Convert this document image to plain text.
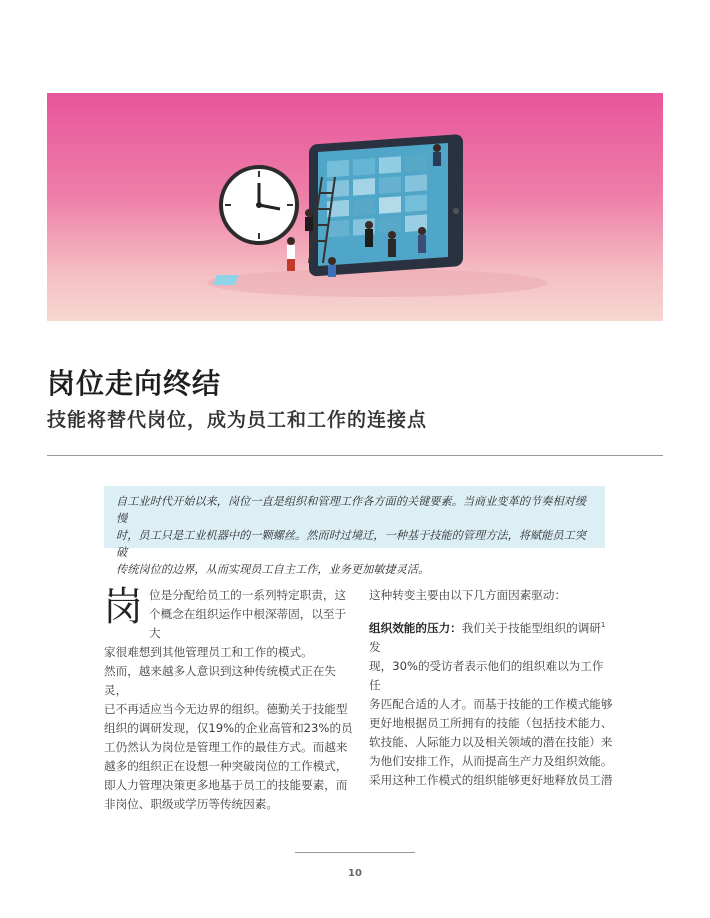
岗位走向终结
技能将替代岗位，成为员工和工作的连接点

自工业时代开始以来，岗位一直是组织和管理工作各方面的关键要素。当商业变革的节奏相对缓慢
时，员工只是工业机器中的一颗螺丝。然而时过境迁，一种基于技能的管理方法，将赋能员工突破
传统岗位的边界，从而实现员工自主工作，业务更加敏捷灵活。

岗 位是分配给员工的一系列特定职责，这
个概念在组织运作中根深蒂固，以至于大
家很难想到其他管理员工和工作的模式。
然而，越来越多人意识到这种传统模式正在失灵，
已不再适应当今无边界的组织。德勤关于技能型
组织的调研发现，仅19%的企业高管和23%的员
工仍然认为岗位是管理工作的最佳方式。而越来
越多的组织正在设想一种突破岗位的工作模式，
即人力管理决策更多地基于员工的技能要素，而
非岗位、职级或学历等传统因素。

这种转变主要由以下几方面因素驱动：

组织效能的压力：我们关于技能型组织的调研$^1$发
现，30%的受访者表示他们的组织难以为工作任
务匹配合适的人才。而基于技能的工作模式能够
更好地根据员工所拥有的技能（包括技术能力、
软技能、人际能力以及相关领域的潜在技能）来
为他们安排工作，从而提高生产力及组织效能。
采用这种工作模式的组织能够更好地释放员工潜

10
